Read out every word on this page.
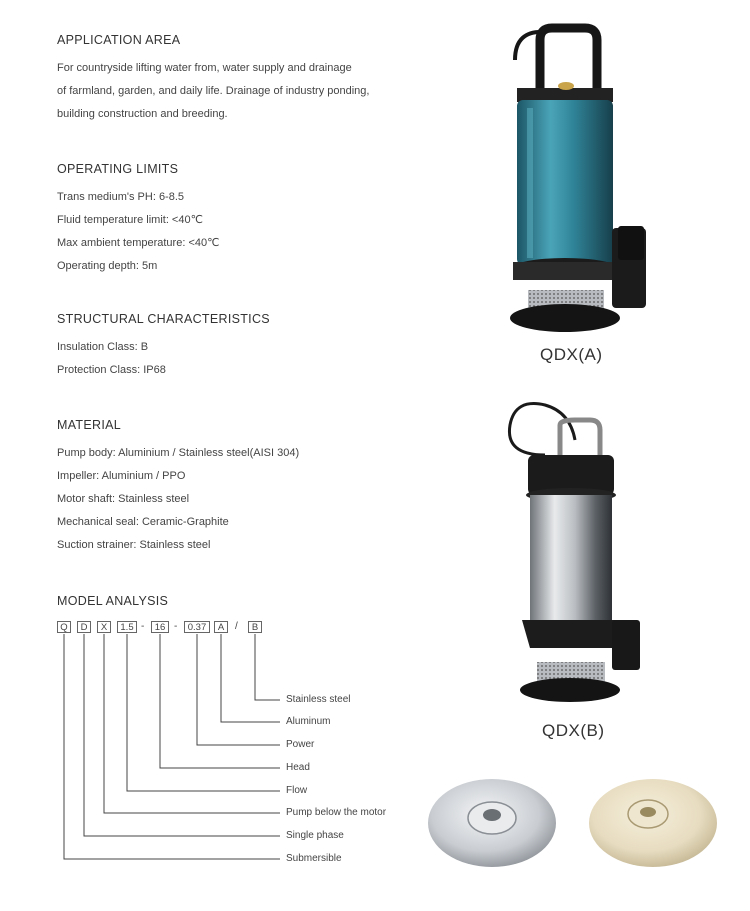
APPLICATION AREA
For countryside lifting water from, water supply and drainage
of farmland, garden, and daily life. Drainage of industry ponding,
building construction and breeding.
OPERATING LIMITS
Trans medium's PH: 6-8.5
Fluid temperature limit: <40℃
Max ambient temperature: <40℃
Operating depth: 5m
STRUCTURAL CHARACTERISTICS
Insulation Class: B
Protection Class: IP68
MATERIAL
Pump body: Aluminium / Stainless steel(AISI 304)
Impeller: Aluminium / PPO
Motor shaft: Stainless steel
Mechanical seal: Ceramic-Graphite
Suction strainer: Stainless steel
MODEL ANALYSIS
Q	D	X	1.5 -	16 -	0.37	A	/	B
Stainless steel
Aluminum
Power
Head
Flow
Pump below the motor
Single phase
Submersible
QDX(A)
QDX(B)
